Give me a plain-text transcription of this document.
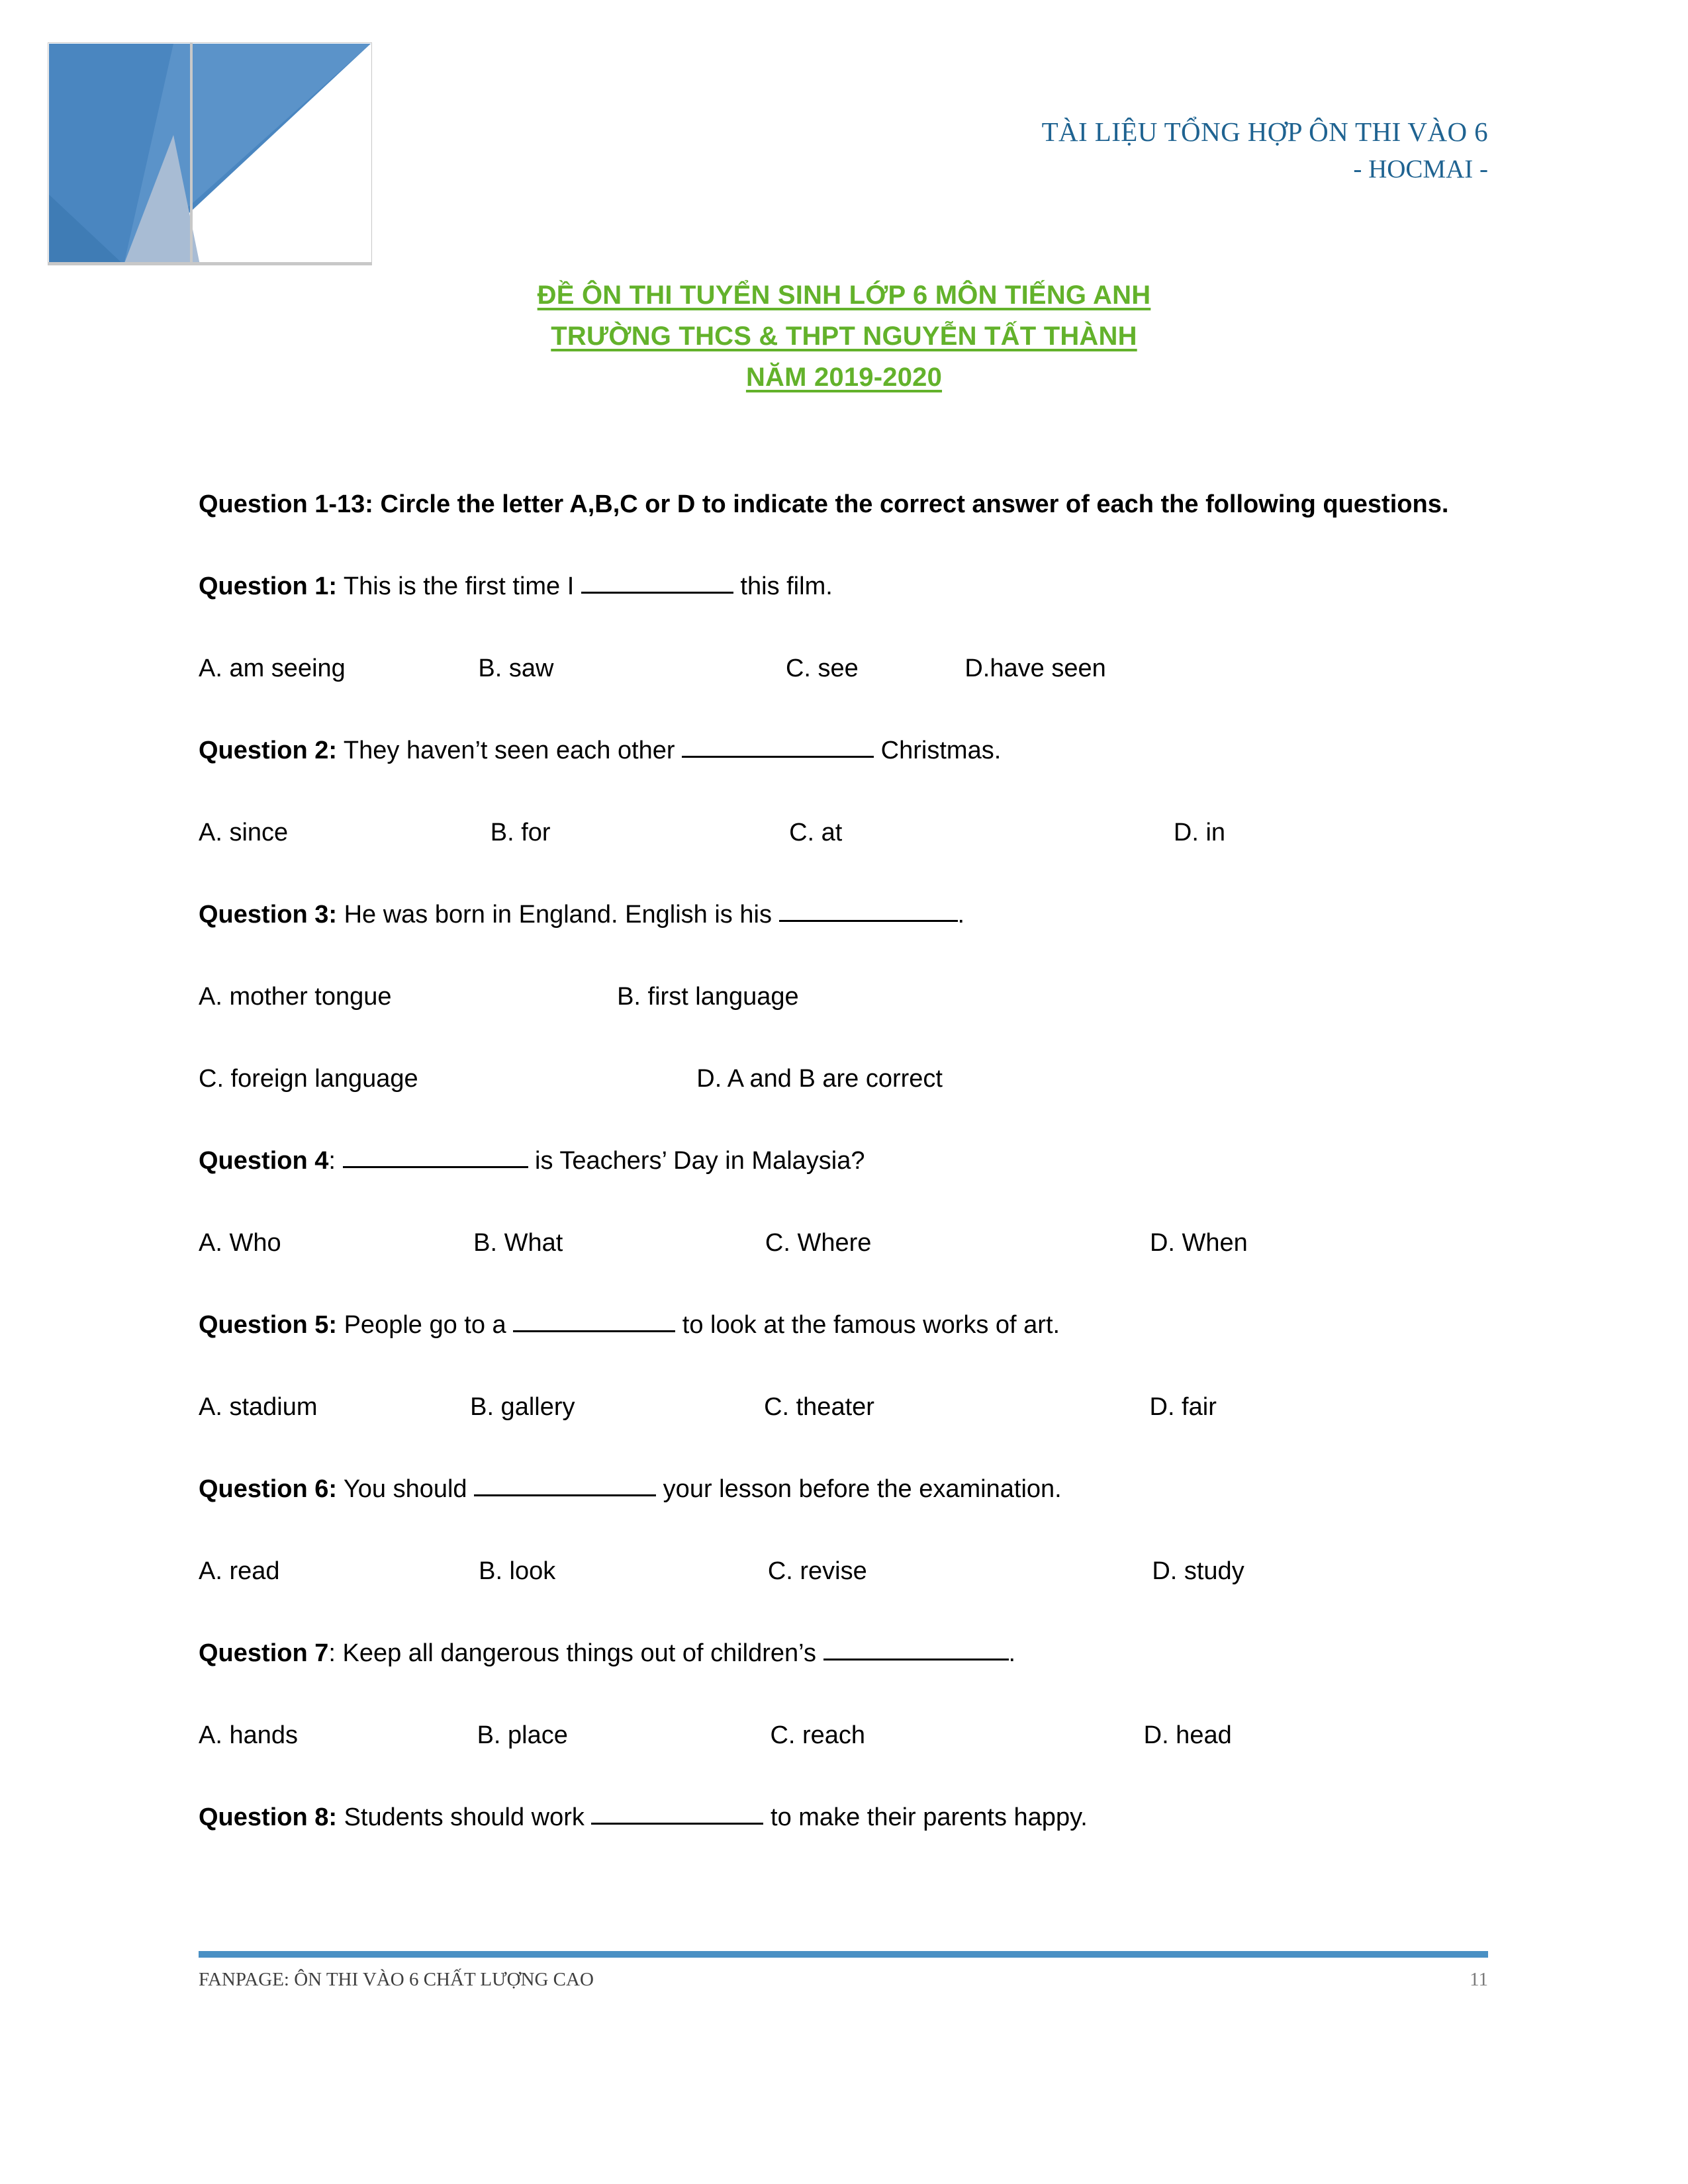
TÀI LIỆU TỔNG HỢP ÔN THI VÀO 6
- HOCMAI -
ĐỀ ÔN THI TUYỂN SINH LỚP 6 MÔN TIẾNG ANH
TRƯỜNG THCS & THPT NGUYỄN TẤT THÀNH
NĂM 2019-2020
Question 1-13: Circle the letter A,B,C or D to indicate the correct answer of each the following questions.
Question 1: This is the first time I	this film.
A. am seeing	B. saw	C. see	D.have seen
Question 2: They haven’t seen each other	Christmas.
A. since	B. for	C. at	D. in
Question 3: He was born in England. English is his	.
A. mother tongue	B. first language
C. foreign language	D. A and B are correct
Question 4:	is Teachers’ Day in Malaysia?
A. Who	B. What	C. Where	D. When
Question 5: People go to a	to look at the famous works of art.
A. stadium	B. gallery	C. theater	D. fair
Question 6: You should	your lesson before the examination.
A. read	B. look	C. revise	D. study
Question 7: Keep all dangerous things out of children’s	.
A. hands	B. place	C. reach	D. head
Question 8: Students should work	to make their parents happy.
FANPAGE: ÔN THI VÀO 6 CHẤT LƯỢNG CAO	11
